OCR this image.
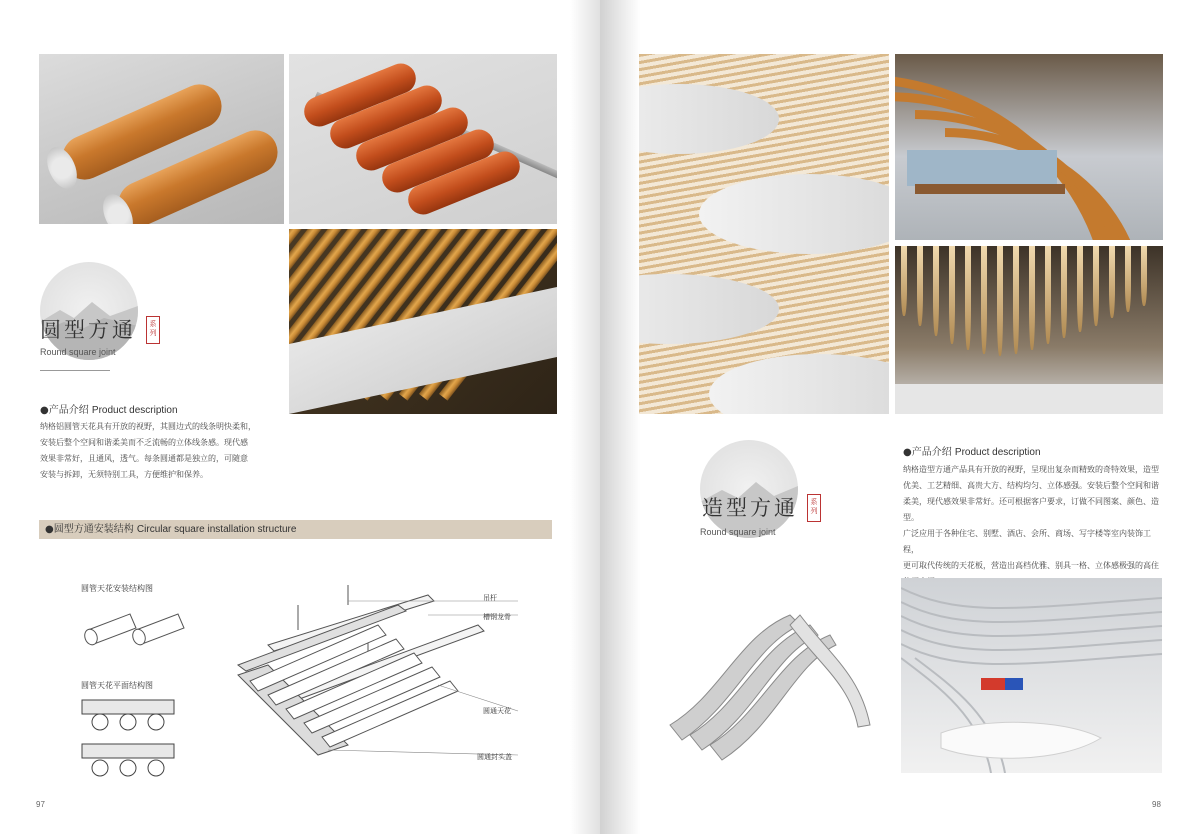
圆型方通	系列
Round square joint
●产品介绍 Product description
纳格铝圆管天花具有开放的视野，其圆边式的线条明快柔和，
安装后整个空间和谐柔美而不乏流畅的立体线条感。现代感
效果非常好，且通风，透气。每条圆通都是独立的，可随意
安装与拆卸，无须特别工具，方便维护和保养。
●圆型方通安装结构 Circular square installation structure
圆管天花安装结构图
圆管天花平面结构图
吊杆
槽钢龙骨
圆通天花
圆通封头盖
97
造型方通	系列
Round square joint
●产品介绍 Product description
纳格造型方通产品具有开放的视野，呈现出复杂而精致的奇特效果，造型
优美、工艺精细、高贵大方、结构均匀、立体感强。安装后整个空间和谐
柔美，现代感效果非常好。还可根据客户要求，订做不同图案、颜色、造型。
广泛应用于各种住宅、别墅、酒店、会所、商场、写字楼等室内装饰工程，
更可取代传统的天花板，营造出高档优雅、别具一格、立体感极强的高住
98
